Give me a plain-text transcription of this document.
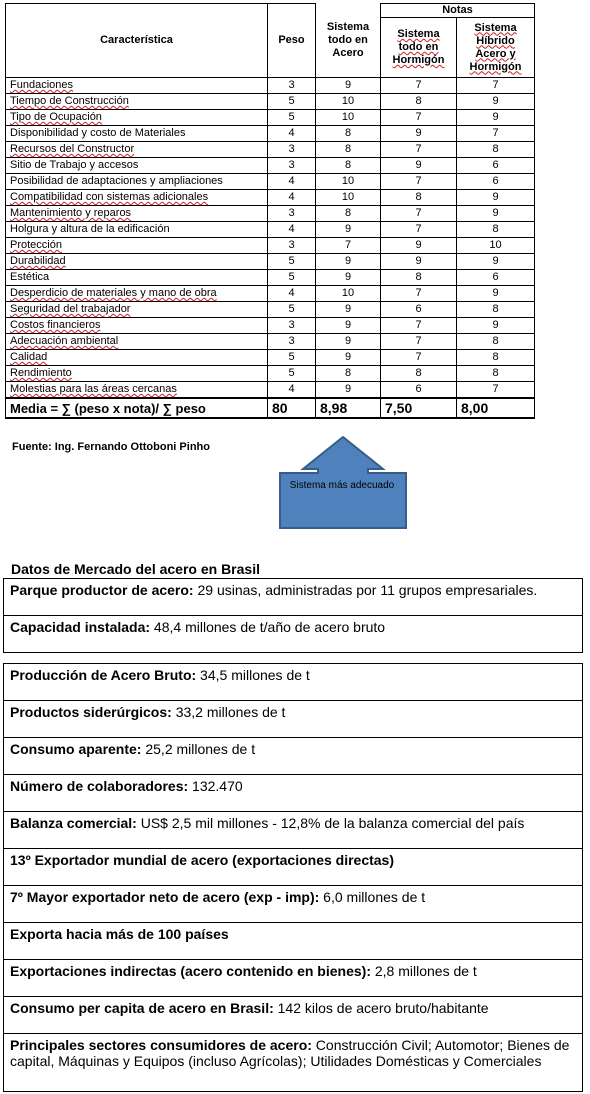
Característica	Peso	Sistema todo en Acero	Notas	
			Sistema todo en Hormigón	Sistema Híbrido Acero y Hormigón
Fundaciones	3	9	7	7
Tiempo de Construcción	5	10	8	9
Tipo de Ocupación	5	10	7	9
Disponibilidad y costo de Materiales	4	8	9	7
Recursos del Constructor	3	8	7	8
Sitio de Trabajo y accesos	3	8	9	6
Posibilidad de adaptaciones y ampliaciones	4	10	7	6
Compatibilidad con sistemas adicionales	4	10	8	9
Mantenimiento y reparos	3	8	7	9
Holgura y altura de la edificación	4	9	7	8
Protección	3	7	9	10
Durabilidad	5	9	9	9
Estética	5	9	8	6
Desperdicio de materiales y mano de obra	4	10	7	9
Seguridad del trabajador	5	9	6	8
Costos financieros	3	9	7	9
Adecuación ambiental	3	9	7	8
Calidad	5	9	7	8
Rendimiento	5	8	8	8
Molestias para las áreas cercanas	4	9	6	7
Media = ∑ (peso x nota)/ ∑ peso	80	8,98	7,50	8,00
Fuente: Ing. Fernando Ottoboni Pinho
Sistema más adecuado
Datos de Mercado del acero en Brasil
Parque productor de acero: 29 usinas, administradas por 11 grupos empresariales.
Capacidad instalada: 48,4 millones de t/año de acero bruto
Producción de Acero Bruto: 34,5 millones de t
Productos siderúrgicos: 33,2 millones de t
Consumo aparente: 25,2 millones de t
Número de colaboradores: 132.470
Balanza comercial: US$ 2,5 mil millones - 12,8% de la balanza comercial del país
13º Exportador mundial de acero (exportaciones directas)
7º Mayor exportador neto de acero (exp - imp): 6,0 millones de t
Exporta hacia más de 100 países
Exportaciones indirectas (acero contenido en bienes): 2,8 millones de t
Consumo per capita de acero en Brasil: 142 kilos de acero bruto/habitante
Principales sectores consumidores de acero: Construcción Civil; Automotor; Bienes de capital, Máquinas y Equipos (incluso Agrícolas); Utilidades Domésticas y Comerciales
